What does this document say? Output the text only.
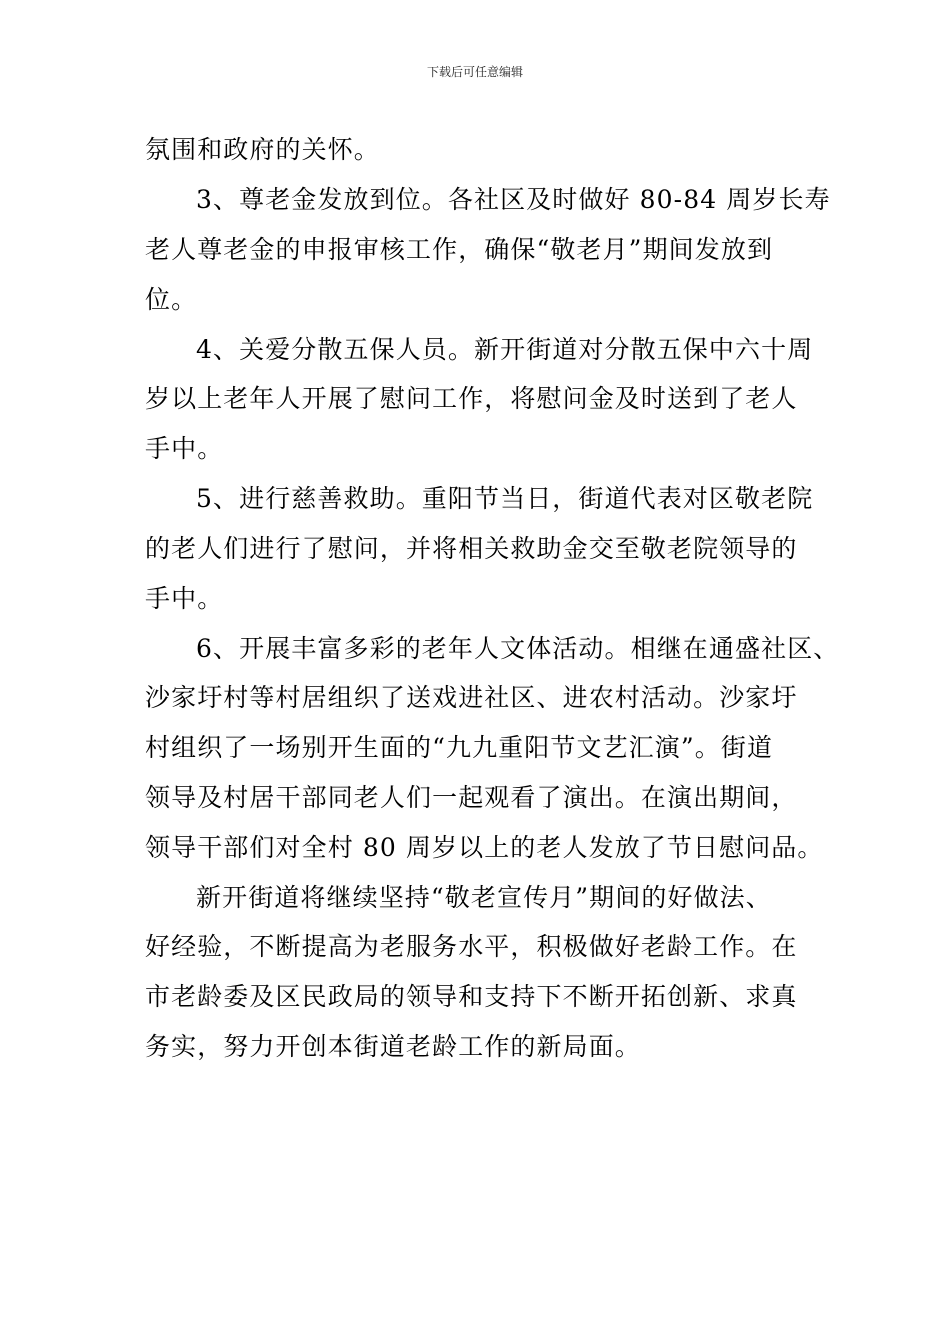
下载后可任意编辑
氛围和政府的关怀。
3、尊老金发放到位。各社区及时做好 80-84 周岁长寿
老人尊老金的申报审核工作，确保“敬老月”期间发放到
位。
4、关爱分散五保人员。新开街道对分散五保中六十周
岁以上老年人开展了慰问工作，将慰问金及时送到了老人
手中。
5、进行慈善救助。重阳节当日，街道代表对区敬老院
的老人们进行了慰问，并将相关救助金交至敬老院领导的
手中。
6、开展丰富多彩的老年人文体活动。相继在通盛社区、
沙家圩村等村居组织了送戏进社区、进农村活动。沙家圩
村组织了一场别开生面的“九九重阳节文艺汇演”。街道
领导及村居干部同老人们一起观看了演出。在演出期间，
领导干部们对全村 80 周岁以上的老人发放了节日慰问品。
新开街道将继续坚持“敬老宣传月”期间的好做法、
好经验，不断提高为老服务水平，积极做好老龄工作。在
市老龄委及区民政局的领导和支持下不断开拓创新、求真
务实，努力开创本街道老龄工作的新局面。
